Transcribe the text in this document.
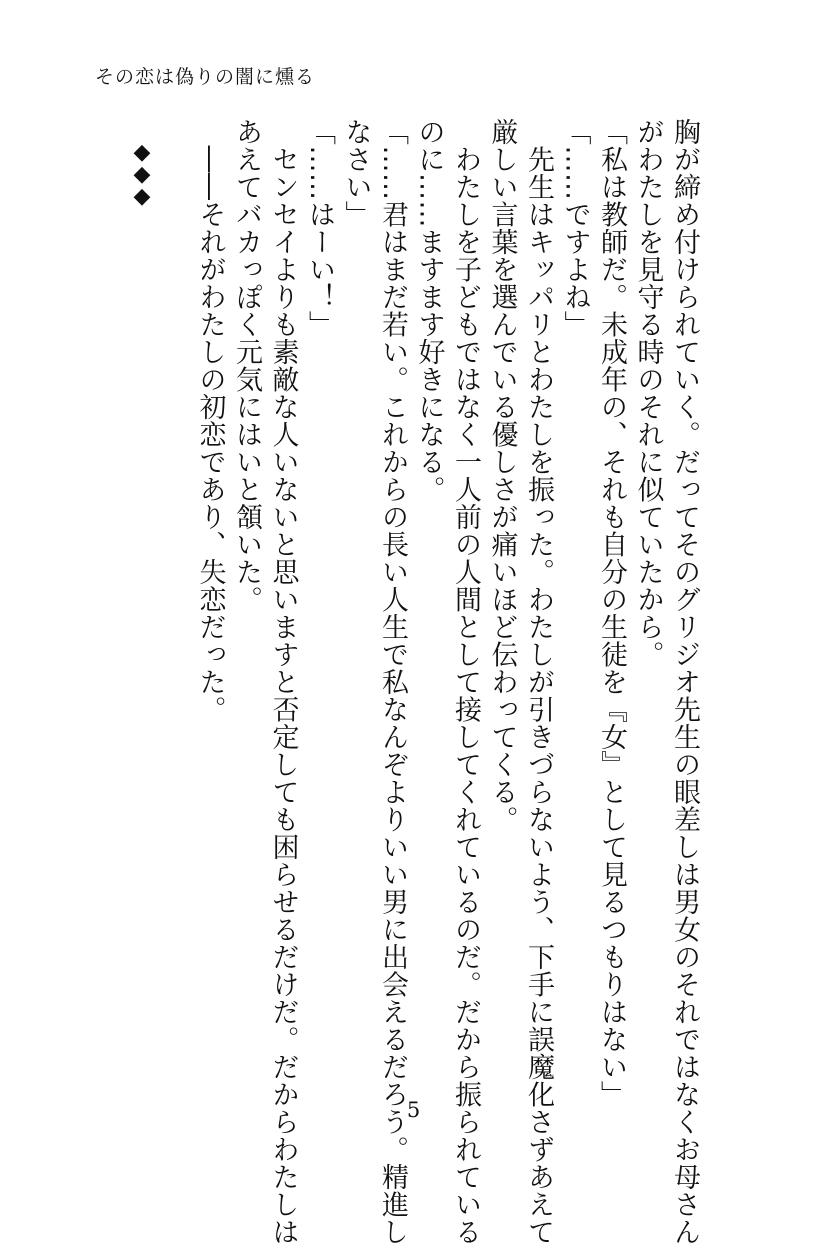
その恋は偽りの闇に燻る

胸が締め付けられていく。だってそのグリジオ先生の眼差しは男女のそれではなくお母さん

がわたしを見守る時のそれに似ていたから。

「私は教師だ。未成年の、それも自分の生徒を『女』として見るつもりはない」

「……ですよね」

　先生はキッパリとわたしを振った。わたしが引きづらないよう、下手に誤魔化さずあえて

厳しい言葉を選んでいる優しさが痛いほど伝わってくる。

　わたしを子どもではなく一人前の人間として接してくれているのだ。だから振られている

のに……ますます好きになる。

「……君はまだ若い。これからの長い人生で私なんぞよりいい男に出会えるだろう。精進し

なさい」

「……はーい！」

　センセイよりも素敵な人いないと思いますと否定しても困らせるだけだ。だからわたしは

あえてバカっぽく元気にはいと頷いた。

　――それがわたしの初恋であり、失恋だった。

◆
◆
◆
5
